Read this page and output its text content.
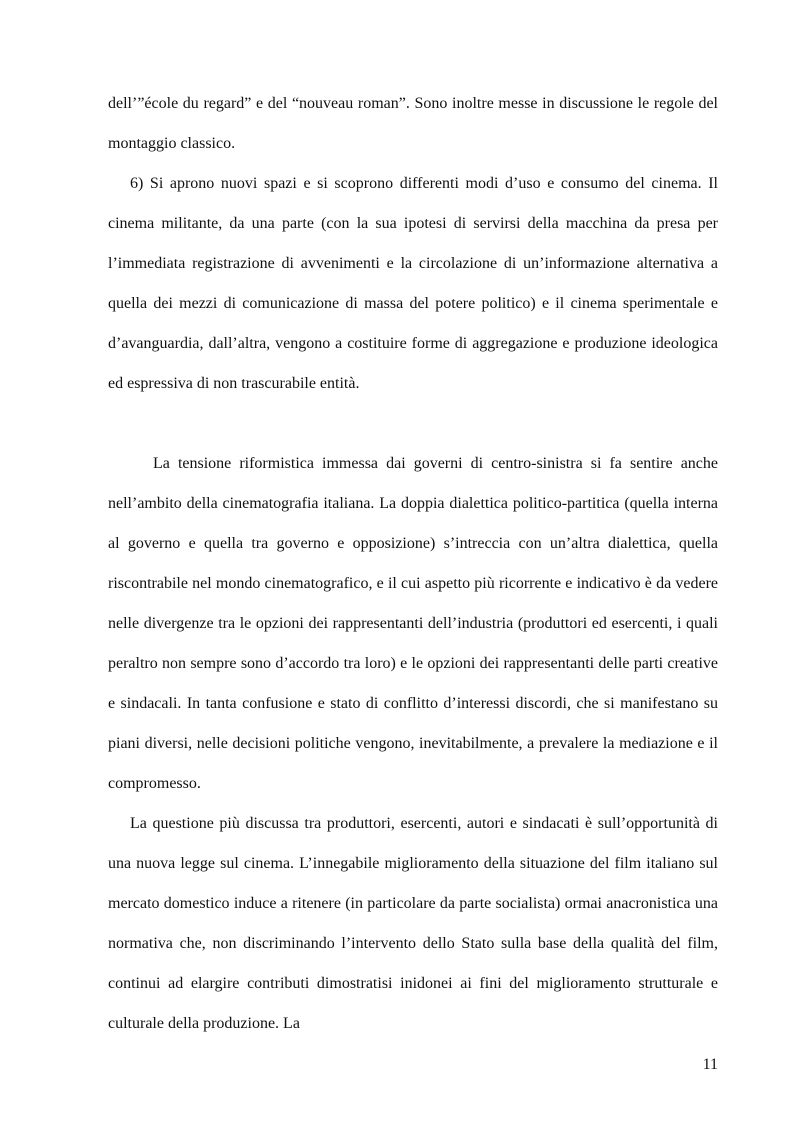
dell’”école du regard” e del “nouveau roman”. Sono inoltre messe in discussione le regole del montaggio classico.

6) Si aprono nuovi spazi e si scoprono differenti modi d’uso e consumo del cinema. Il cinema militante, da una parte (con la sua ipotesi di servirsi della macchina da presa per l’immediata registrazione di avvenimenti e la circolazione di un’informazione alternativa a quella dei mezzi di comunicazione di massa del potere politico) e il cinema sperimentale e d’avanguardia, dall’altra, vengono a costituire forme di aggregazione e produzione ideologica ed espressiva di non trascurabile entità.

La tensione riformistica immessa dai governi di centro-sinistra si fa sentire anche nell’ambito della cinematografia italiana. La doppia dialettica politico-partitica (quella interna al governo e quella tra governo e opposizione) s’intreccia con un’altra dialettica, quella riscontrabile nel mondo cinematografico, e il cui aspetto più ricorrente e indicativo è da vedere nelle divergenze tra le opzioni dei rappresentanti dell’industria (produttori ed esercenti, i quali peraltro non sempre sono d’accordo tra loro) e le opzioni dei rappresentanti delle parti creative e sindacali. In tanta confusione e stato di conflitto d’interessi discordi, che si manifestano su piani diversi, nelle decisioni politiche vengono, inevitabilmente, a prevalere la mediazione e il compromesso.

La questione più discussa tra produttori, esercenti, autori e sindacati è sull’opportunità di una nuova legge sul cinema. L’innegabile miglioramento della situazione del film italiano sul mercato domestico induce a ritenere (in particolare da parte socialista) ormai anacronistica una normativa che, non discriminando l’intervento dello Stato sulla base della qualità del film, continui ad elargire contributi dimostratisi inidonei ai fini del miglioramento strutturale e culturale della produzione. La

11
